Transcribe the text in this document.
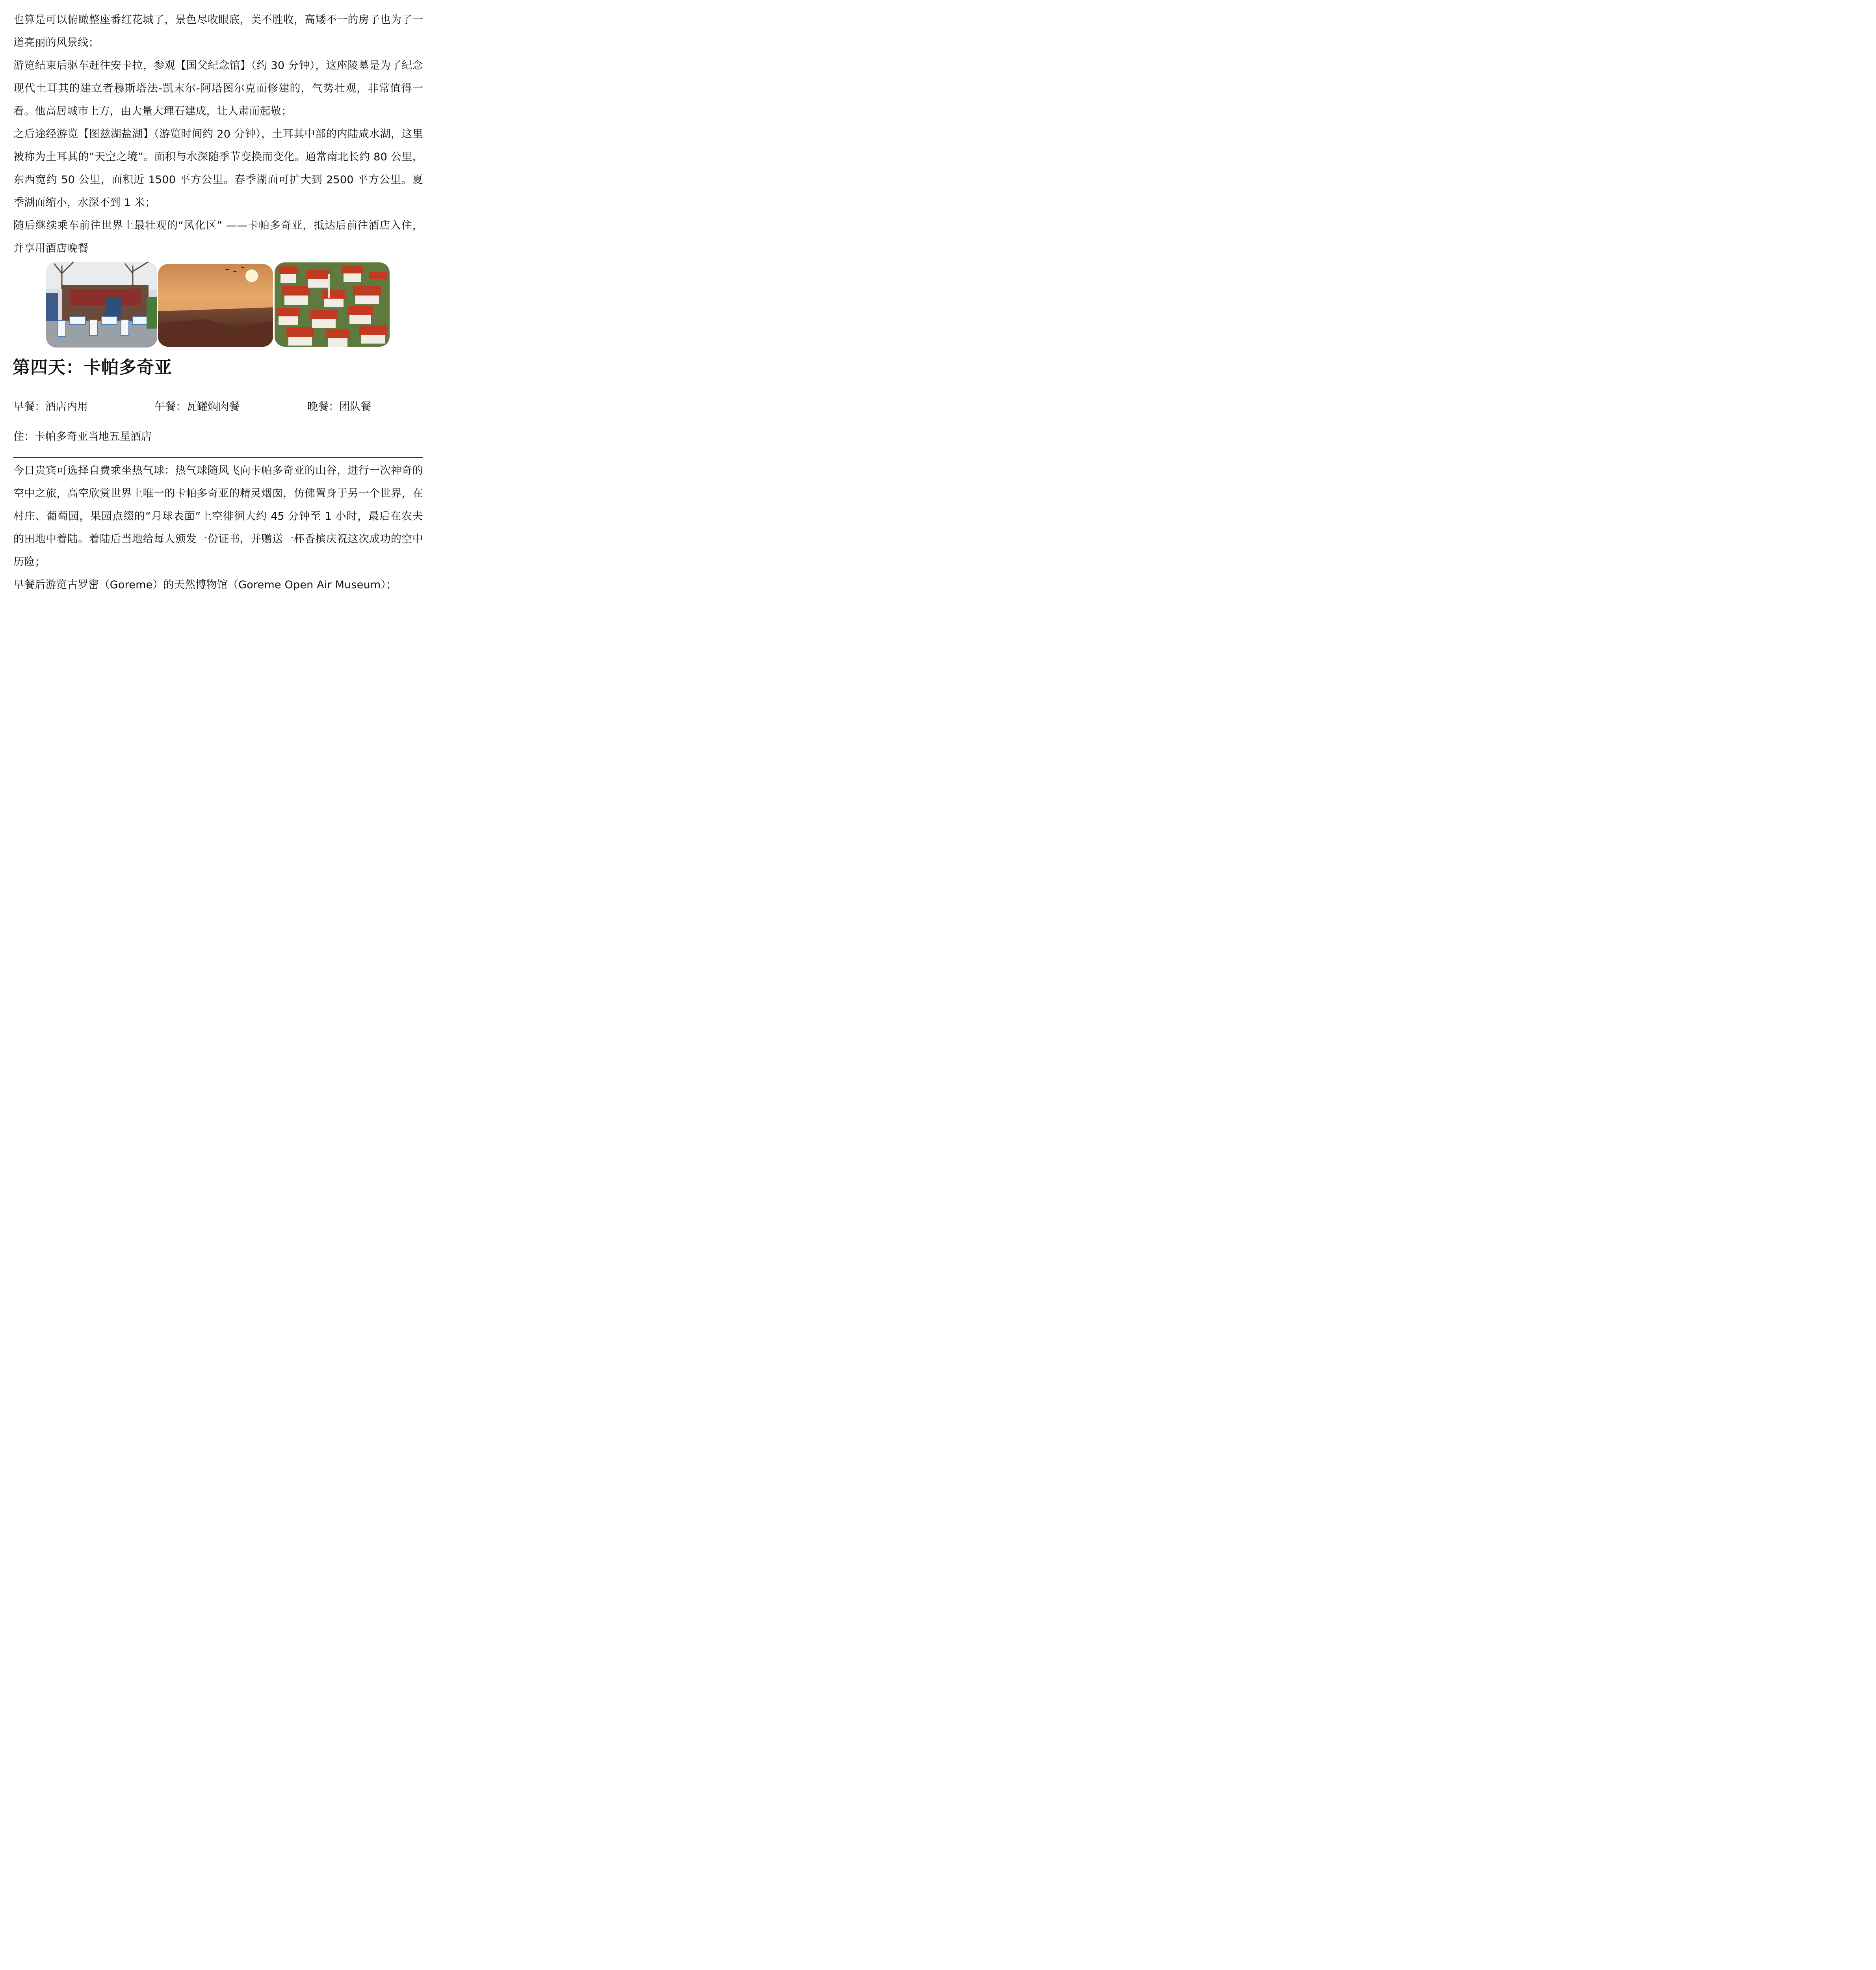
也算是可以俯瞰整座番红花城了，景色尽收眼底，美不胜收，高矮不一的房子也为了一道亮丽的风景线；
游览结束后驱车赶往安卡拉，参观【国父纪念馆】（约 30 分钟），这座陵墓是为了纪念现代土耳其的建立者穆斯塔法-凯末尔-阿塔图尔克而修建的，气势壮观，非常值得一看。他高居城市上方，由大量大理石建成，让人肃而起敬；
之后途经游览【图兹湖盐湖】（游览时间约 20 分钟），土耳其中部的内陆咸水湖，这里被称为土耳其的“天空之境”。面积与水深随季节变换而变化。通常南北长约 80 公里，东西宽约 50 公里，面积近 1500 平方公里。春季湖面可扩大到 2500 平方公里。夏季湖面缩小，水深不到 1 米；
随后继续乘车前往世界上最壮观的“风化区” ——卡帕多奇亚，抵达后前往酒店入住，并享用酒店晚餐
第四天：卡帕多奇亚

早餐：酒店内用	午餐：瓦罐焖肉餐	晚餐：团队餐

住：卡帕多奇亚当地五星酒店

今日贵宾可选择自费乘坐热气球：热气球随风飞向卡帕多奇亚的山谷，进行一次神奇的空中之旅，高空欣赏世界上唯一的卡帕多奇亚的精灵烟囱，仿佛置身于另一个世界，在村庄、葡萄园，果园点缀的“月球表面”上空徘徊大约 45 分钟至 1 小时，最后在农夫的田地中着陆。着陆后当地给每人颁发一份证书，并赠送一杯香槟庆祝这次成功的空中历险；
早餐后游览古罗密（Goreme）的天然博物馆（Goreme Open Air Museum）；
